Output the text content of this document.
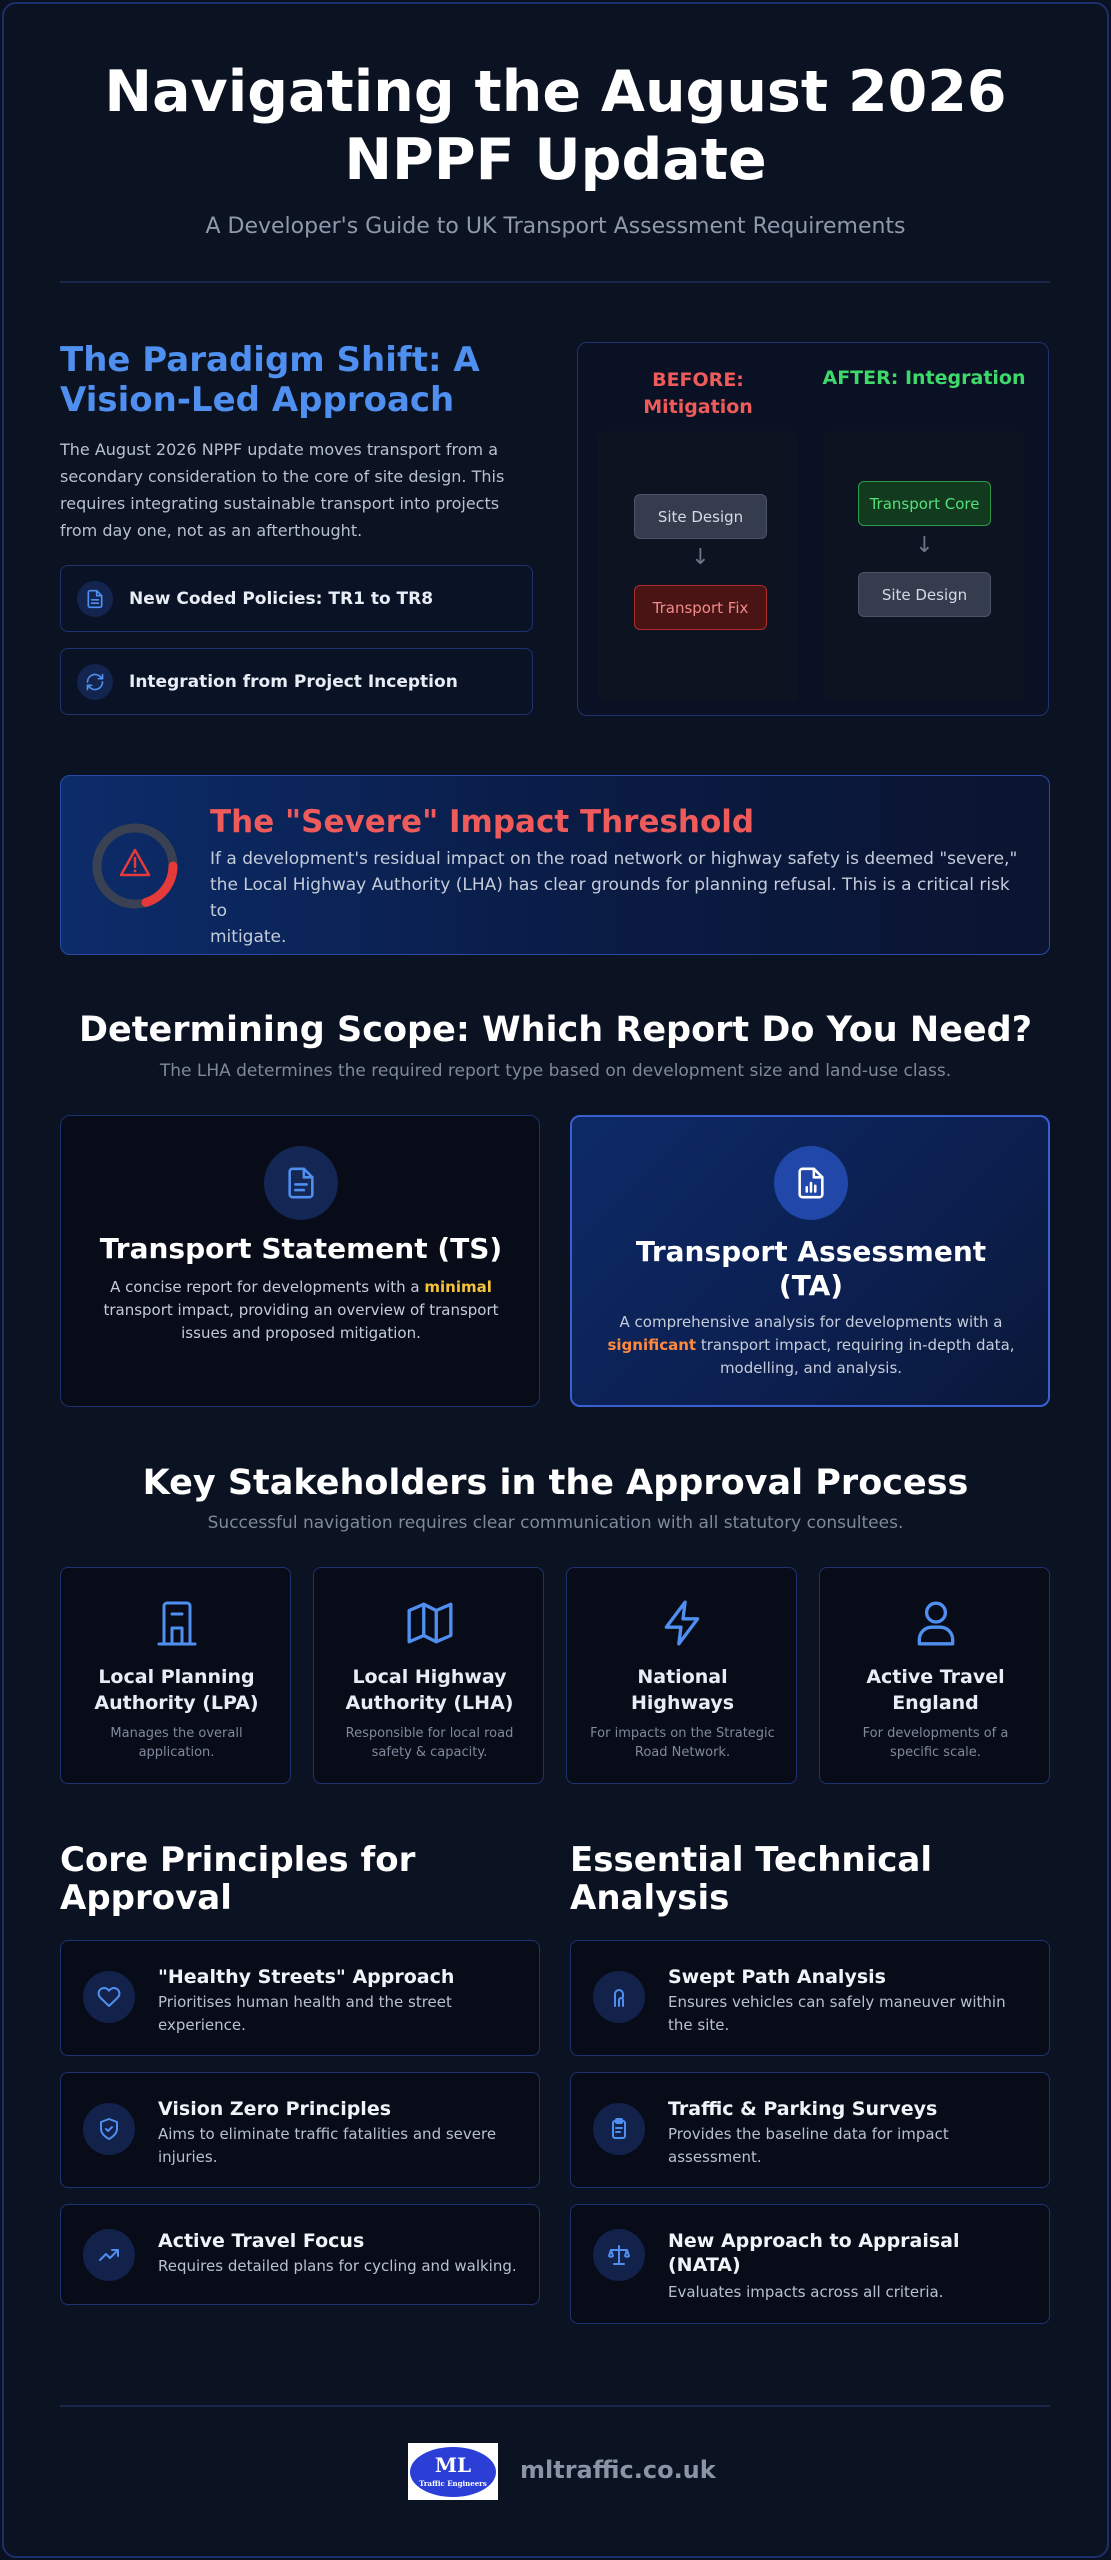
Navigating the August 2026
NPPF Update
A Developer's Guide to UK Transport Assessment Requirements
The Paradigm Shift: A
Vision-Led Approach
The August 2026 NPPF update moves transport from a
secondary consideration to the core of site design. This
requires integrating sustainable transport into projects
from day one, not as an afterthought.
New Coded Policies: TR1 to TR8
Integration from Project Inception
BEFORE:
Mitigation
AFTER: Integration
Site Design
↓
Transport Fix
Transport Core
↓
Site Design
The "Severe" Impact Threshold
If a development's residual impact on the road network or highway safety is deemed "severe,"
the Local Highway Authority (LHA) has clear grounds for planning refusal. This is a critical risk to
mitigate.
Determining Scope: Which Report Do You Need?
The LHA determines the required report type based on development size and land-use class.
Transport Statement (TS)
A concise report for developments with a minimal
transport impact, providing an overview of transport
issues and proposed mitigation.
Transport Assessment
(TA)
A comprehensive analysis for developments with a
significant transport impact, requiring in-depth data,
modelling, and analysis.
Key Stakeholders in the Approval Process
Successful navigation requires clear communication with all statutory consultees.
Local Planning
Authority (LPA)
Manages the overall
application.
Local Highway
Authority (LHA)
Responsible for local road
safety & capacity.
National
Highways
For impacts on the Strategic
Road Network.
Active Travel
England
For developments of a
specific scale.
Core Principles for
Approval
"Healthy Streets" Approach
Prioritises human health and the street
experience.
Vision Zero Principles
Aims to eliminate traffic fatalities and severe
injuries.
Active Travel Focus
Requires detailed plans for cycling and walking.
Essential Technical
Analysis
Swept Path Analysis
Ensures vehicles can safely maneuver within
the site.
Traffic & Parking Surveys
Provides the baseline data for impact
assessment.
New Approach to Appraisal
(NATA)
Evaluates impacts across all criteria.
ML
Traffic Engineers	mltraffic.co.uk
